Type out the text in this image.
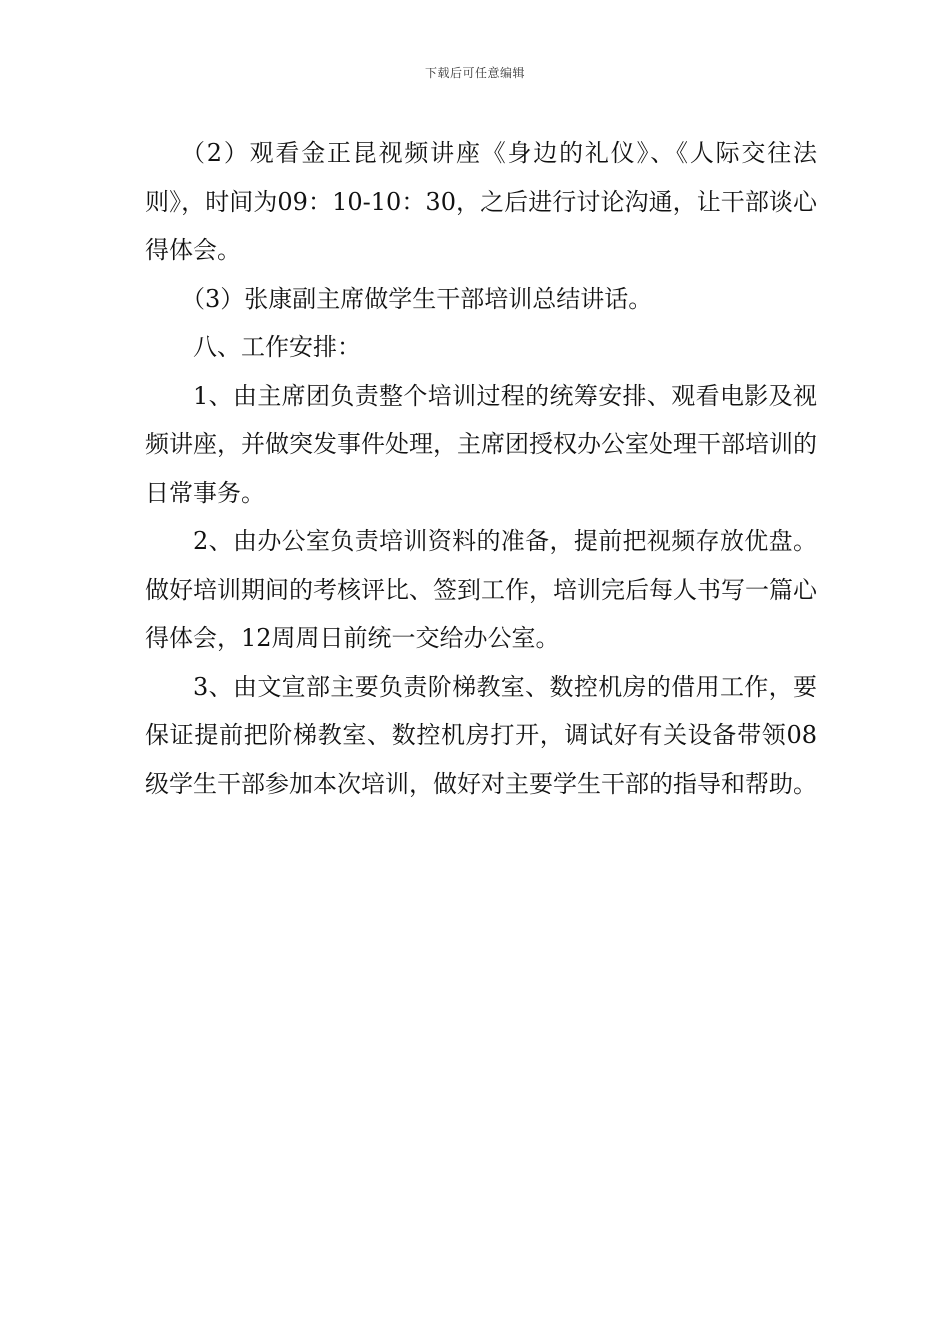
下载后可任意编辑

（2）观看金正昆视频讲座《身边的礼仪》、《人际交往法则》，时间为09：10-10：30，之后进行讨论沟通，让干部谈心得体会。

（3）张康副主席做学生干部培训总结讲话。

八、工作安排：

1、由主席团负责整个培训过程的统筹安排、观看电影及视频讲座，并做突发事件处理，主席团授权办公室处理干部培训的日常事务。

2、由办公室负责培训资料的准备，提前把视频存放优盘。做好培训期间的考核评比、签到工作，培训完后每人书写一篇心得体会，12周周日前统一交给办公室。

3、由文宣部主要负责阶梯教室、数控机房的借用工作，要保证提前把阶梯教室、数控机房打开，调试好有关设备带领08级学生干部参加本次培训，做好对主要学生干部的指导和帮助。
